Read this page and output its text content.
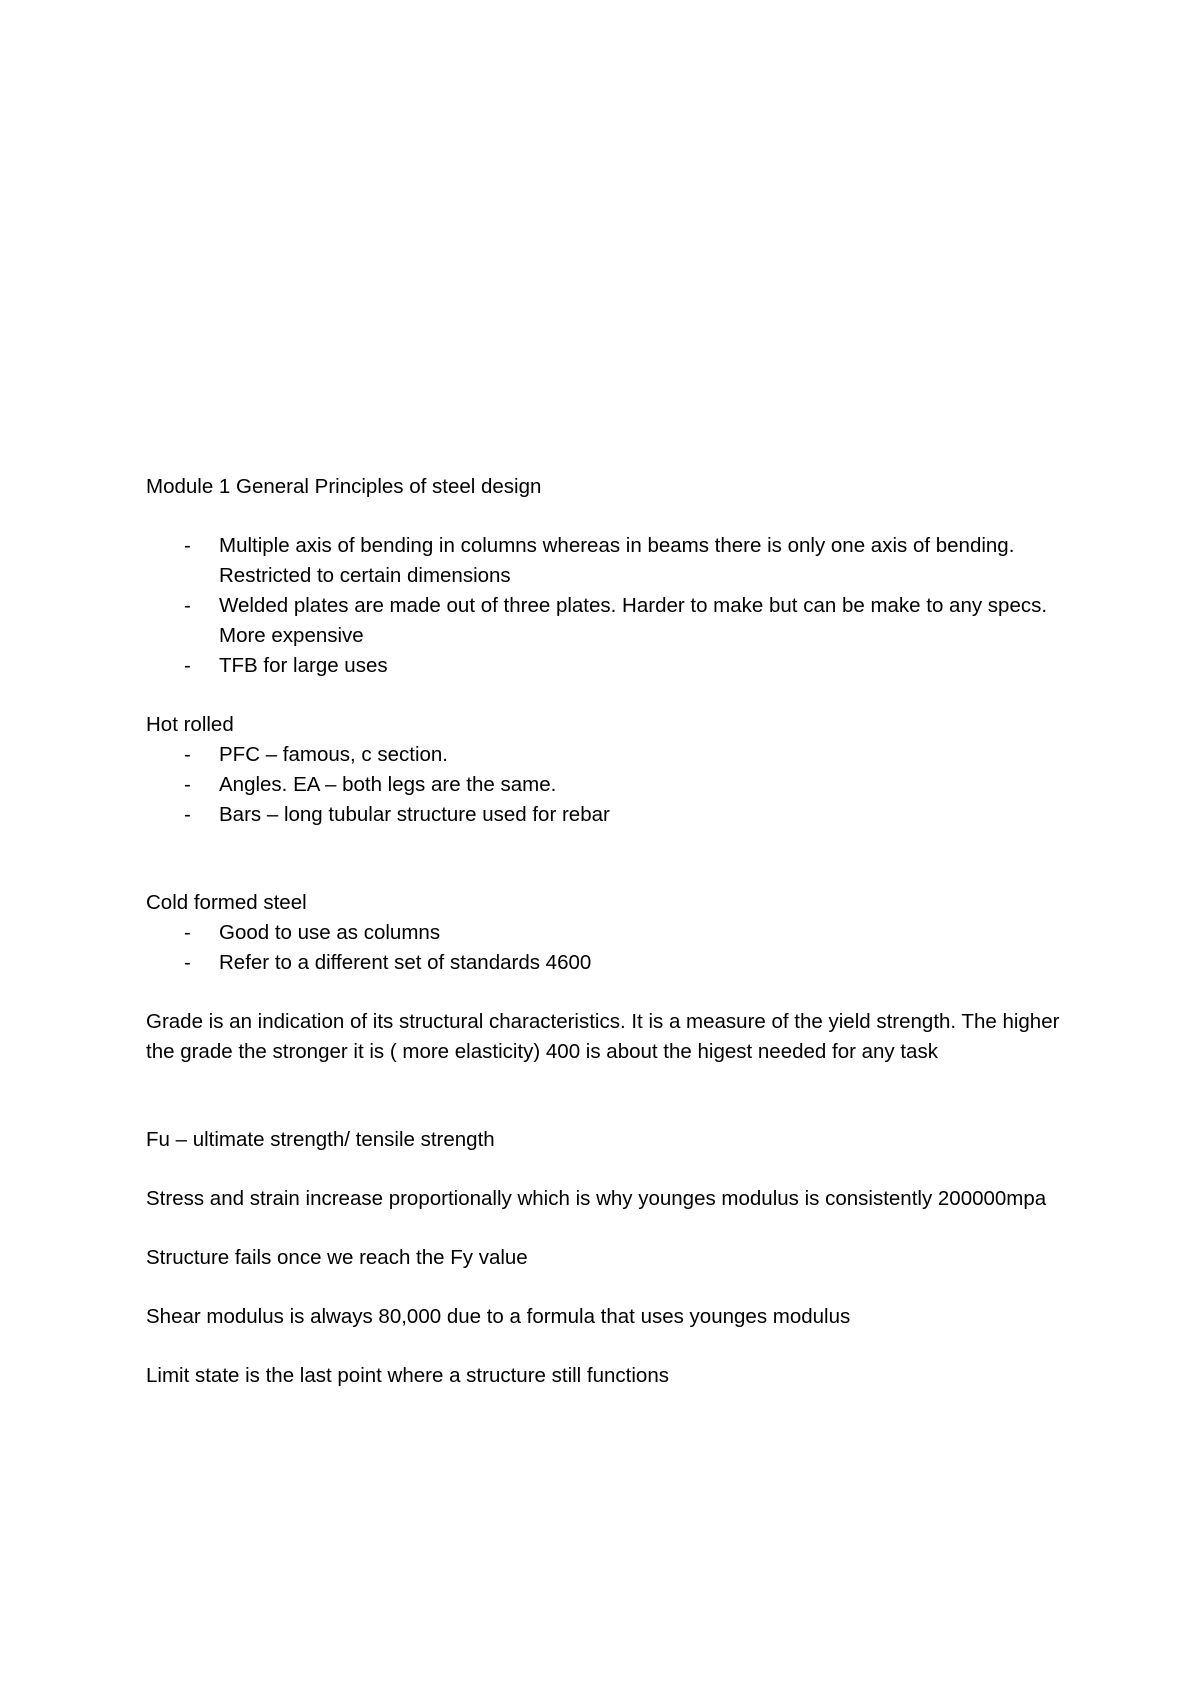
Module 1 General Principles of steel design

- Multiple axis of bending in columns whereas in beams there is only one axis of bending. Restricted to certain dimensions
- Welded plates are made out of three plates. Harder to make but can be make to any specs. More expensive
- TFB for large uses

Hot rolled

- PFC – famous, c section.
- Angles. EA – both legs are the same.
- Bars – long tubular structure used for rebar

Cold formed steel

- Good to use as columns
- Refer to a different set of standards 4600

Grade is an indication of its structural characteristics. It is a measure of the yield strength. The higher the grade the stronger it is ( more elasticity) 400 is about the higest needed for any task

Fu – ultimate strength/ tensile strength

Stress and strain increase proportionally which is why younges modulus is consistently 200000mpa

Structure fails once we reach the Fy value

Shear modulus is always 80,000 due to a formula that uses younges modulus

Limit state is the last point where a structure still functions
